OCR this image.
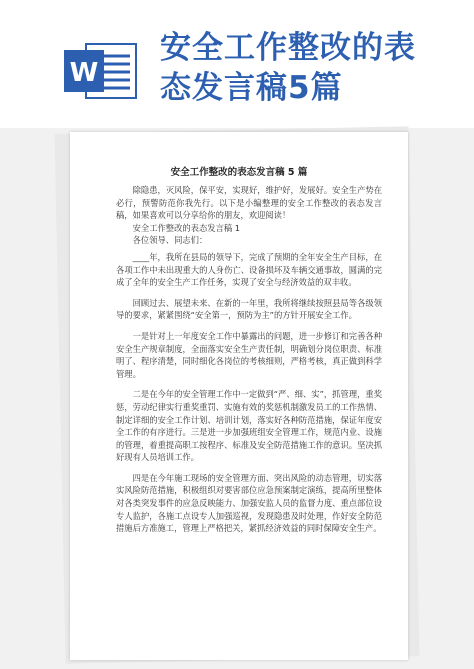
W
安全工作整改的表
态发言稿5篇
安全工作整改的表态发言稿 5 篇

除隐患，灭风险，保平安，实现好，维护好，发展好。安全生产势在必行，预警防范你我先行。以下是小编整理的安全工作整改的表态发言稿，如果喜欢可以分享给你的朋友，欢迎阅读！

安全工作整改的表态发言稿 1

各位领导、同志们：

____年，我所在县局的领导下，完成了预期的全年安全生产目标，在各项工作中未出现重大的人身伤亡、设备损坏及车辆交通事故，圆满的完成了全年的安全生产工作任务，实现了安全与经济效益的双丰收。

回顾过去、展望未来、在新的一年里，我所将继续按照县局等各级领导的要求，紧紧围绕“安全第一，预防为主”的方针开展安全工作。

一是针对上一年度安全工作中暴露出的问题，进一步修订和完善各种安全生产规章制度，全面落实安全生产责任制，明确划分岗位职责、标准明了、程序清楚，同时细化各岗位的考核细则，严格考核，真正做到科学管理。

二是在今年的安全管理工作中一定做到“严、细、实”，抓管理，重奖惩，劳动纪律实行重奖重罚、实施有效的奖惩机制激发员工的工作热情、制定详细的安全工作计划、培训计划，落实好各种防范措施，保证年度安全工作的有序进行。三是进一步加强班组安全管理工作，规范内业、设施的管理，着重提高职工按程序、标准及安全防范措施工作的意识。坚决抓好现有人员培训工作。

四是在今年施工现场的安全管理方面、突出风险的动态管理，切实落实风险防范措施，积极组织对要害部位应急预案制定演练，提高所里整体对各类突发事件的应急反映能力、加强安监人员的监督力度、重点部位设专人监护，各施工点设专人加强巡视，发现隐患及时处理，作好安全防范措施后方准施工，管理上严格把关，紧抓经济效益的同时保障安全生产。
